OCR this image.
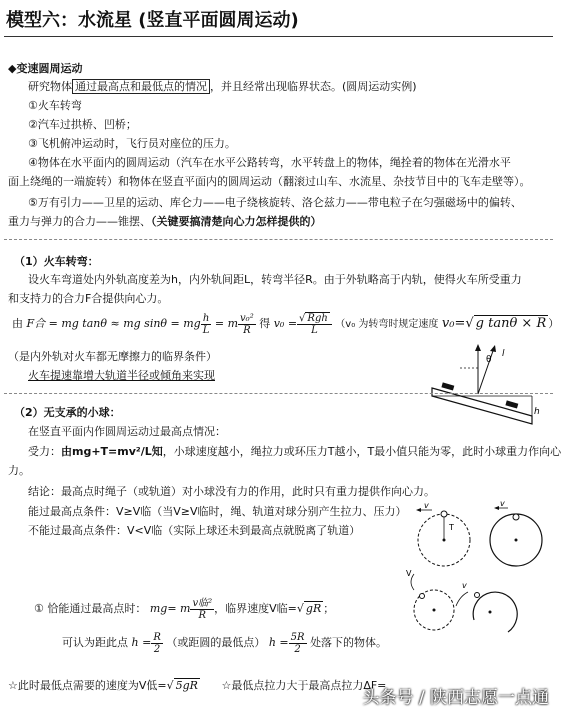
模型六：水流星 (竖直平面圆周运动)
◆变速圆周运动
研究物体 通过最高点和最低点的情况 ，并且经常出现临界状态。(圆周运动实例)
①火车转弯
②汽车过拱桥、凹桥；
③飞机俯冲运动时，飞行员对座位的压力。
④物体在水平面内的圆周运动（汽车在水平公路转弯，水平转盘上的物体，绳拴着的物体在光滑水平
面上绕绳的一端旋转）和物体在竖直平面内的圆周运动（翻滚过山车、水流星、杂技节目中的飞车走壁等）。
⑤万有引力——卫星的运动、库仑力——电子绕核旋转、洛仑兹力——带电粒子在匀强磁场中的偏转、
重力与弹力的合力——锥摆、（关键要搞清楚向心力怎样提供的）
（1）火车转弯：
设火车弯道处内外轨高度差为h，内外轨间距L，转弯半径R。由于外轨略高于内轨，使得火车所受重力
和支持力的合力F合提供向心力。
由 F合 = mg tanθ ≈ mg sinθ = mg $\frac{h}{L} = m \frac{\text{v₀²}}{R}$ 得 $v_0 = \frac{\text{√ Rgh}}{L} (v_0$ 为转弯时规定速度 v₀=√ g tanθ × R ）
（是内外轨对火车都无摩擦力的临界条件）
火车提速靠增大轨道半径或倾角来实现
θ
l
h
（2）无支承的小球：
在竖直平面内作圆周运动过最高点情况：
受力：由mg+T=mv²/L知，小球速度越小，绳拉力或环压力T越小，T最小值只能为零，此时小球重力作向心
力。
结论：最高点时绳子（或轨道）对小球没有力的作用，此时只有重力提供作向心力。
能过最高点条件：V≥V临（当V≥V临时，绳、轨道对球分别产生拉力、压力）
不能过最高点条件：V<V临（实际上球还未到最高点就脱离了轨道）
v
T
v
V
v
① 恰能通过最高点时： mg= m $\frac{\text{v临²}}{R}$ ，临界速度V临=√ gR ；
可认为距此点 $h = \frac{R}{2}$ （或距圆的最低点） $h = \frac{5R}{2}$ 处落下的物体。
☆此时最低点需要的速度为V低=√ 5gR ☆最低点拉力大于最高点拉力ΔF=
头条号 / 陕西志愿一点通
